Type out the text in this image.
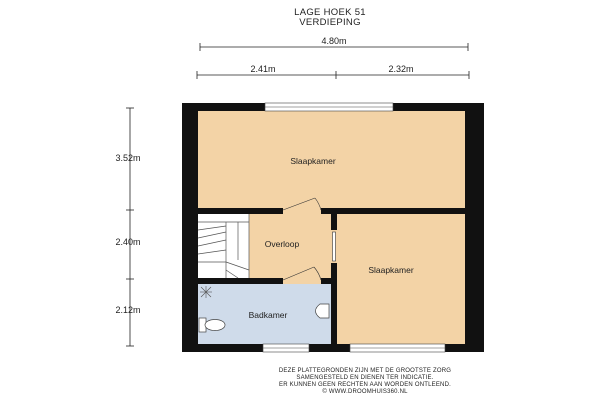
LAGE HOEK 51
VERDIEPING
4.80m
2.41m	2.32m
3.52m
2.40m
2.12m
Slaapkamer
Overloop
Slaapkamer
Badkamer
DEZE PLATTEGRONDEN ZIJN MET DE GROOTSTE ZORG
SAMENGESTELD EN DIENEN TER INDICATIE.
ER KUNNEN GEEN RECHTEN AAN WORDEN ONTLEEND.
© WWW.DROOMHUIS360.NL
